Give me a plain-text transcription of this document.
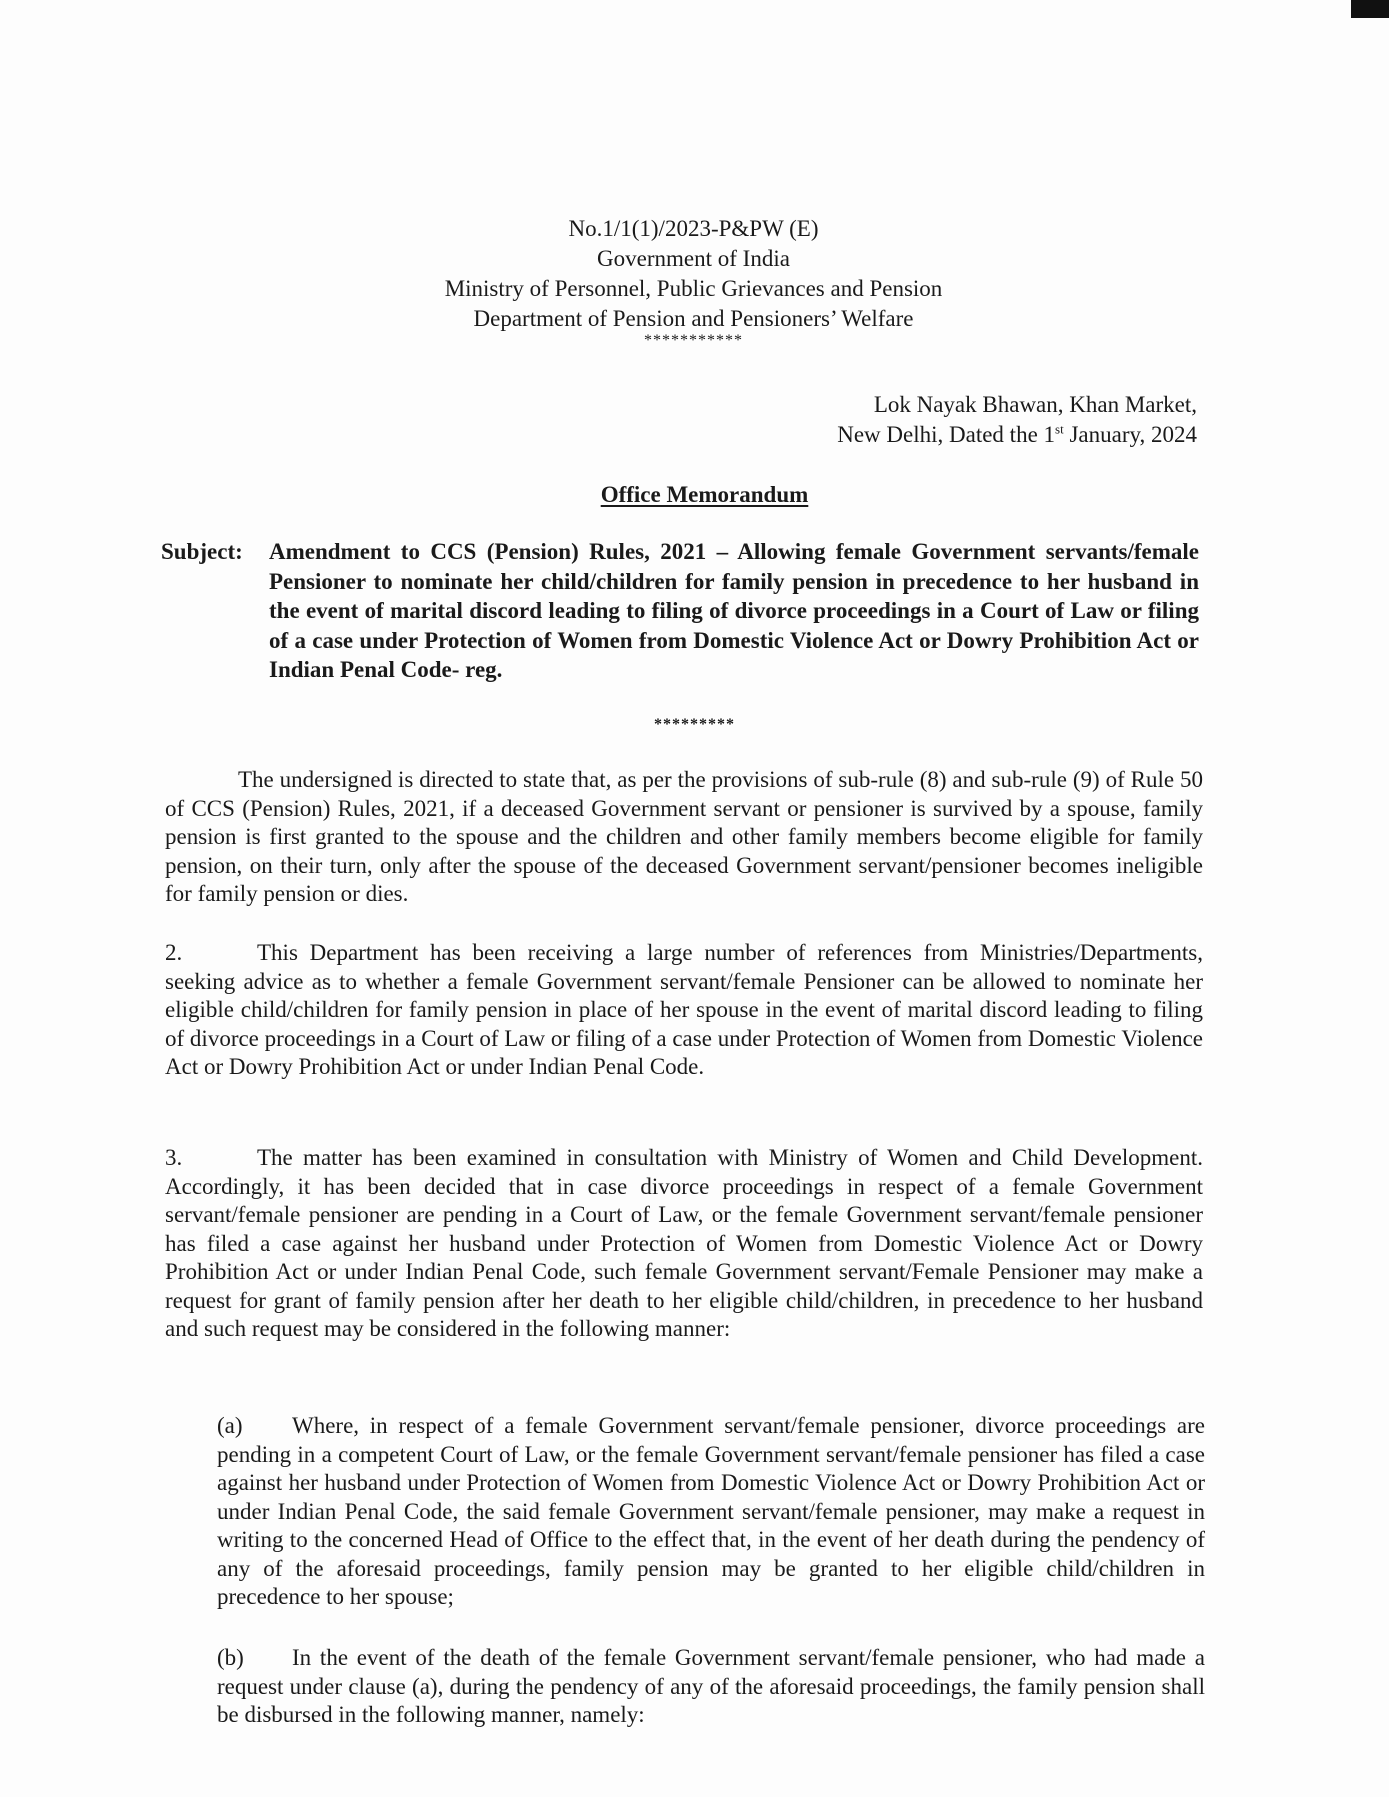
No.1/1(1)/2023-P&PW (E)
Government of India
Ministry of Personnel, Public Grievances and Pension
Department of Pension and Pensioners’ Welfare
***********
Lok Nayak Bhawan, Khan Market,
New Delhi, Dated the 1st January, 2024
Office Memorandum
Subject: Amendment to CCS (Pension) Rules, 2021 – Allowing female Government servants/female Pensioner to nominate her child/children for family pension in precedence to her husband in the event of marital discord leading to filing of divorce proceedings in a Court of Law or filing of a case under Protection of Women from Domestic Violence Act or Dowry Prohibition Act or Indian Penal Code- reg.
*********
The undersigned is directed to state that, as per the provisions of sub-rule (8) and sub-rule (9) of Rule 50 of CCS (Pension) Rules, 2021, if a deceased Government servant or pensioner is survived by a spouse, family pension is first granted to the spouse and the children and other family members become eligible for family pension, on their turn, only after the spouse of the deceased Government servant/pensioner becomes ineligible for family pension or dies.
2.	This Department has been receiving a large number of references from Ministries/Departments, seeking advice as to whether a female Government servant/female Pensioner can be allowed to nominate her eligible child/children for family pension in place of her spouse in the event of marital discord leading to filing of divorce proceedings in a Court of Law or filing of a case under Protection of Women from Domestic Violence Act or Dowry Prohibition Act or under Indian Penal Code.
3.	The matter has been examined in consultation with Ministry of Women and Child Development. Accordingly, it has been decided that in case divorce proceedings in respect of a female Government servant/female pensioner are pending in a Court of Law, or the female Government servant/female pensioner has filed a case against her husband under Protection of Women from Domestic Violence Act or Dowry Prohibition Act or under Indian Penal Code, such female Government servant/Female Pensioner may make a request for grant of family pension after her death to her eligible child/children, in precedence to her husband and such request may be considered in the following manner:
(a) Where, in respect of a female Government servant/female pensioner, divorce proceedings are pending in a competent Court of Law, or the female Government servant/female pensioner has filed a case against her husband under Protection of Women from Domestic Violence Act or Dowry Prohibition Act or under Indian Penal Code, the said female Government servant/female pensioner, may make a request in writing to the concerned Head of Office to the effect that, in the event of her death during the pendency of any of the aforesaid proceedings, family pension may be granted to her eligible child/children in precedence to her spouse;
(b) In the event of the death of the female Government servant/female pensioner, who had made a request under clause (a), during the pendency of any of the aforesaid proceedings, the family pension shall be disbursed in the following manner, namely:
